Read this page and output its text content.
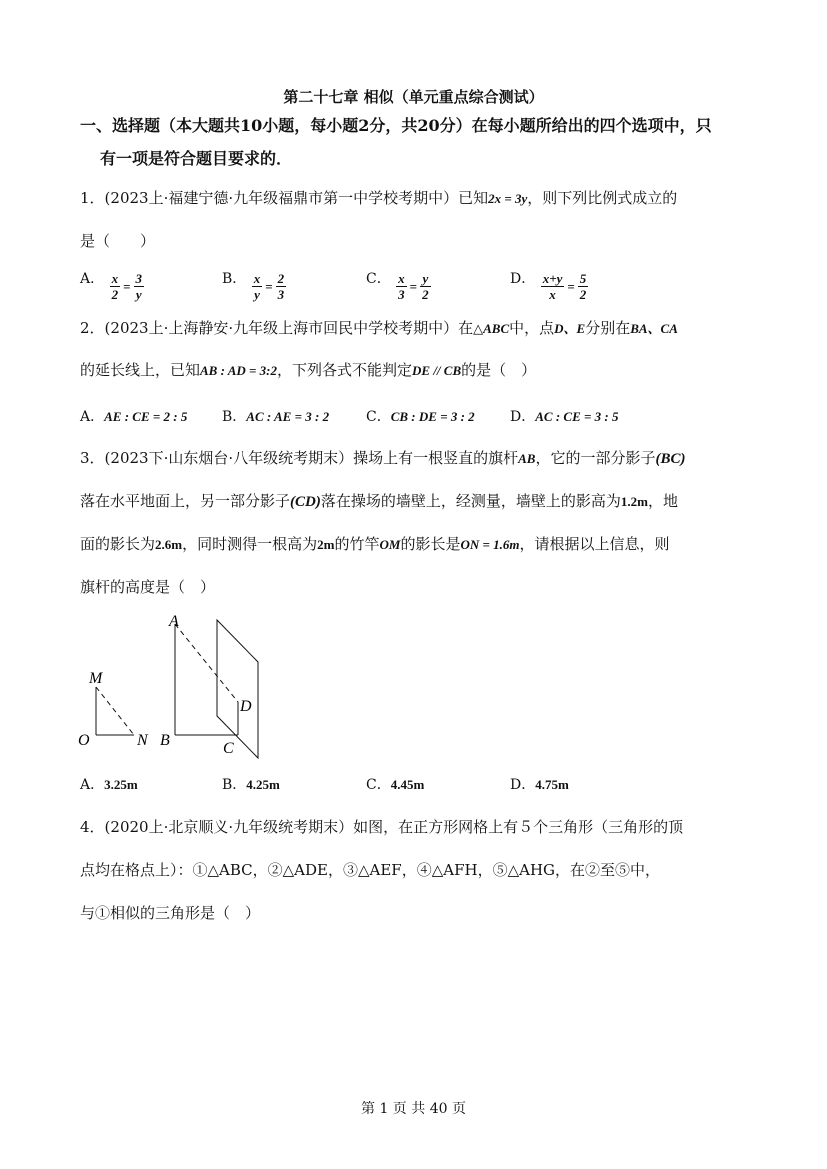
第二十七章 相似（单元重点综合测试）
一、选择题（本大题共10小题，每小题2分，共20分）在每小题所给出的四个选项中，只
有一项是符合题目要求的．
1．(2023上·福建宁德·九年级福鼎市第一中学校考期中）已知2x = 3y，则下列比例式成立的
是（　　）
A． $\frac{x}{2} = \frac{3}{y}$	B． $\frac{x}{y} = \frac{2}{3}$	C． $\frac{x}{3} = \frac{y}{2}$	D． $\frac{x+y}{x} = \frac{5}{2}$
2．(2023上·上海静安·九年级上海市回民中学校考期中）在△ABC中，点D、E分别在BA、CA
的延长线上，已知AB : AD = 3:2，下列各式不能判定DE // CB的是（　）
A．AE : CE = 2 : 5 B．AC : AE = 3 : 2	C．CB : DE = 3 : 2	D．AC : CE = 3 : 5
3．(2023下·山东烟台·八年级统考期末）操场上有一根竖直的旗杆AB，它的一部分影子(BC)
落在水平地面上，另一部分影子(CD)落在操场的墙壁上，经测量，墙壁上的影高为1.2m，地
面的影长为2.6m，同时测得一根高为2m的竹竿OM的影长是ON = 1.6m，请根据以上信息，则
旗杆的高度是（　）
A
M
D
O	N B	C
A．3.25m	B．4.25m	C．4.45m	D．4.75m
4．(2020上·北京顺义·九年级统考期末）如图，在正方形网格上有５个三角形（三角形的顶
点均在格点上）：①△ABC，②△ADE，③△AEF，④△AFH，⑤△AHG，在②至⑤中，
与①相似的三角形是（　）
第 1 页 共 40 页
